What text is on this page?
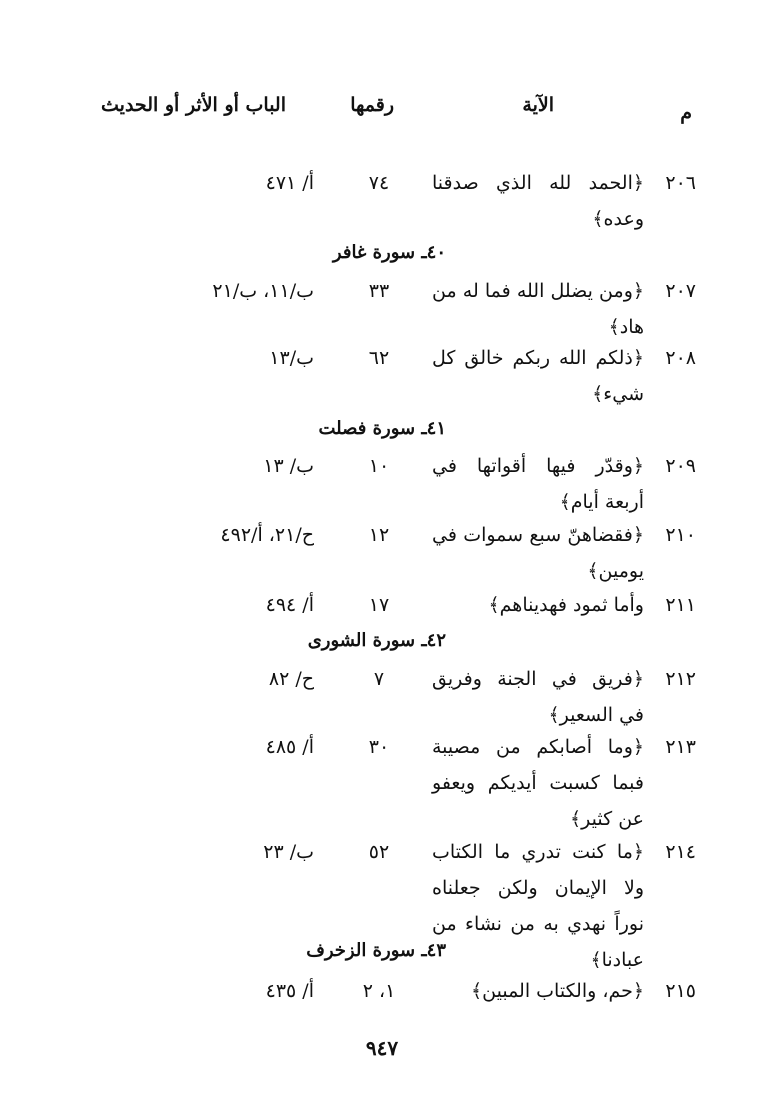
م
الآية
رقمها
الباب أو الأثر أو الحديث
٢٠٦
﴿الحمد لله الذي صدقنا وعده﴾
٧٤
أ/ ٤٧١
٤٠ـ سورة غافر
٢٠٧
﴿ومن يضلل الله فما له من هاد﴾
٣٣
ب/١١، ب/٢١
٢٠٨
﴿ذلكم الله ربكم خالق كل شيء﴾
٦٢
ب/١٣
٤١ـ سورة فصلت
٢٠٩
﴿وقدّر فيها أقواتها في أربعة أيام﴾
١٠
ب/ ١٣
٢١٠
﴿فقضاهنّ سبع سموات في يومين﴾
١٢
ح/٢١، أ/٤٩٢
٢١١
وأما ثمود فهديناهم﴾
١٧
أ/ ٤٩٤
٤٢ـ سورة الشورى
٢١٢
﴿فريق في الجنة وفريق في السعير﴾
٧
ح/ ٨٢
٢١٣
﴿وما أصابكم من مصيبة فبما كسبت أيديكم ويعفو عن كثير﴾
٣٠
أ/ ٤٨٥
٢١٤
﴿ما كنت تدري ما الكتاب ولا الإيمان ولكن جعلناه نوراً نهدي به من نشاء من عبادنا﴾
٥٢
ب/ ٢٣
٤٣ـ سورة الزخرف
٢١٥
﴿حم، والكتاب المبين﴾
١، ٢
أ/ ٤٣٥
٩٤٧
